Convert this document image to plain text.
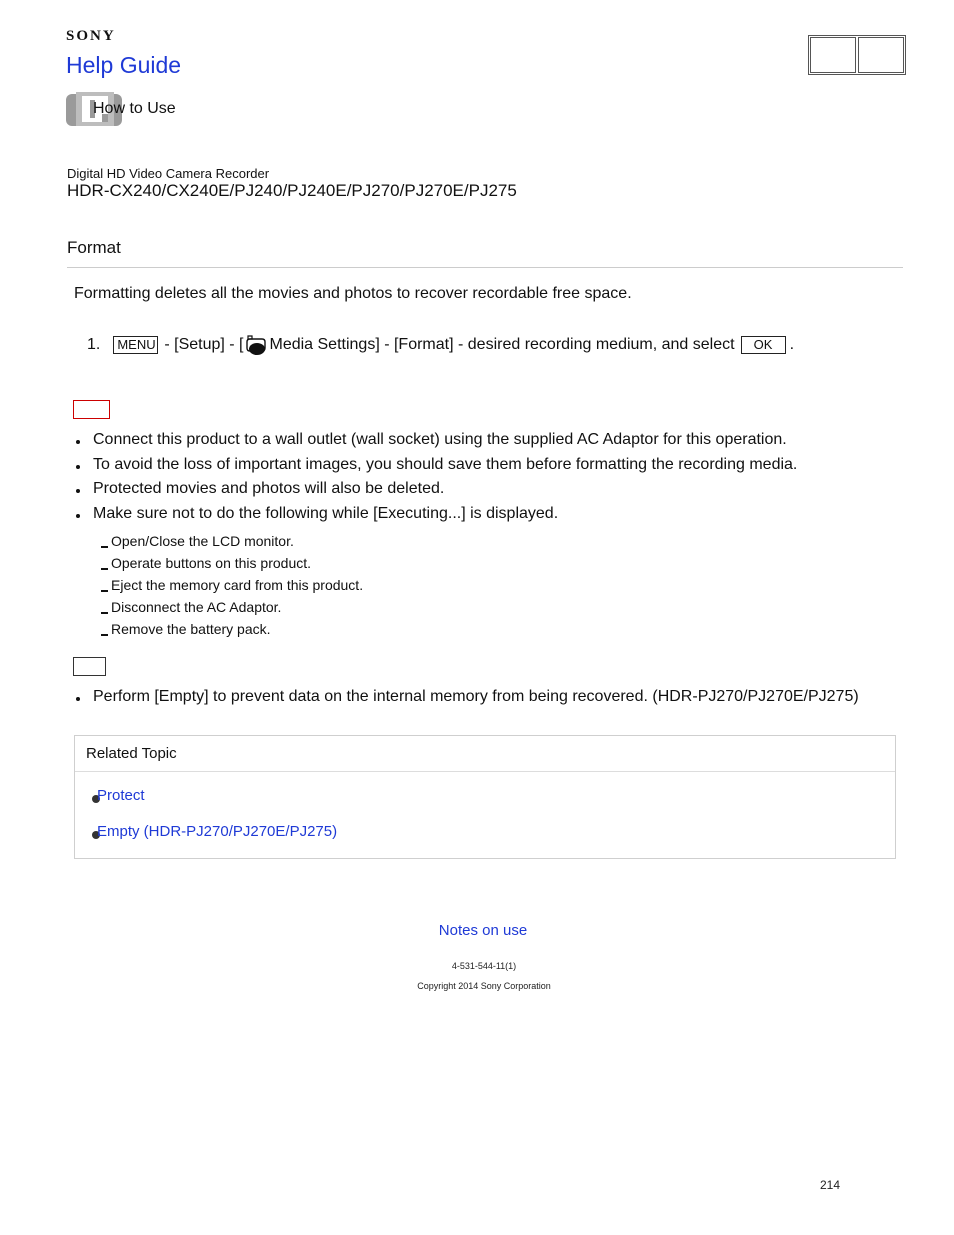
SONY
Help Guide
How to Use
Digital HD Video Camera Recorder
HDR-CX240/CX240E/PJ240/PJ240E/PJ270/PJ270E/PJ275
Format
Formatting deletes all the movies and photos to recover recordable free space.
1.	MENU - [Setup] - [ Media Settings] - [Format] - desired recording medium, and select	OK	.
Connect this product to a wall outlet (wall socket) using the supplied AC Adaptor for this operation.
To avoid the loss of important images, you should save them before formatting the recording media.
Protected movies and photos will also be deleted.
Make sure not to do the following while [Executing...] is displayed.
Open/Close the LCD monitor.
Operate buttons on this product.
Eject the memory card from this product.
Disconnect the AC Adaptor.
Remove the battery pack.
Perform [Empty] to prevent data on the internal memory from being recovered. (HDR-PJ270/PJ270E/PJ275)
Related Topic
Protect
Empty (HDR-PJ270/PJ270E/PJ275)
Notes on use
4-531-544-11(1)
Copyright 2014 Sony Corporation
214
